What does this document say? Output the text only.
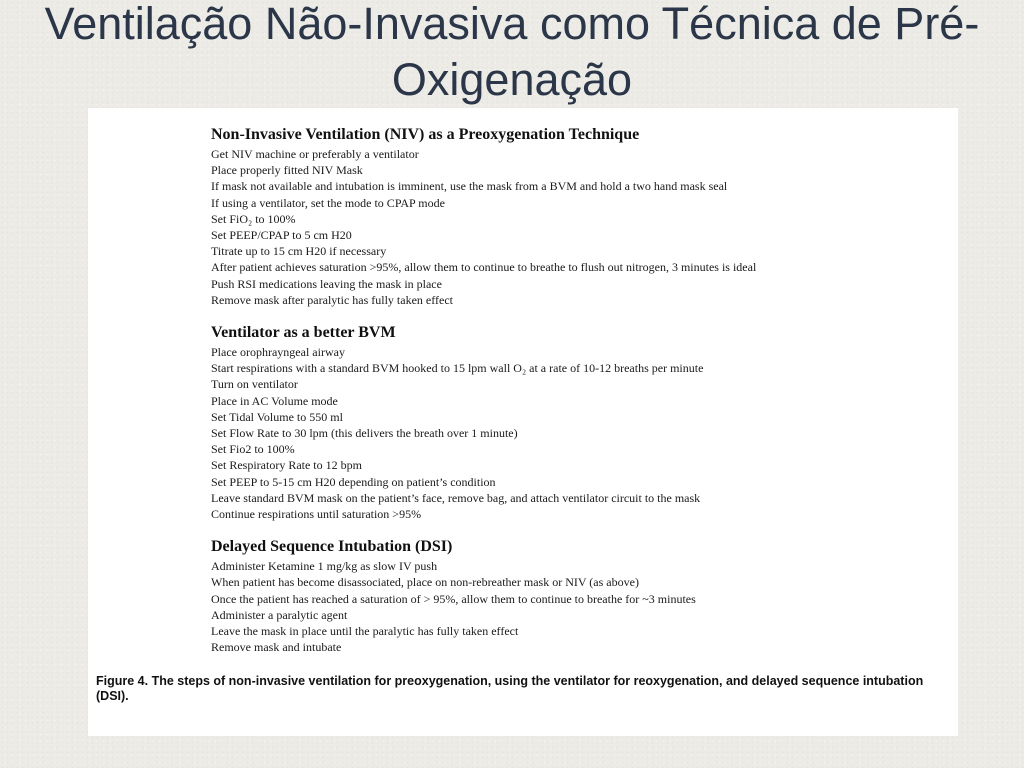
Ventilação Não-Invasiva como Técnica de Pré-Oxigenação
Non-Invasive Ventilation (NIV) as a Preoxygenation Technique
Get NIV machine or preferably a ventilator
Place properly fitted NIV Mask
If mask not available and intubation is imminent, use the mask from a BVM and hold a two hand mask seal
If using a ventilator, set the mode to CPAP mode
Set FiO₂ to 100%
Set PEEP/CPAP to 5 cm H20
Titrate up to 15 cm H20 if necessary
After patient achieves saturation >95%, allow them to continue to breathe to flush out nitrogen, 3 minutes is ideal
Push RSI medications leaving the mask in place
Remove mask after paralytic has fully taken effect
Ventilator as a better BVM
Place orophrayngeal airway
Start respirations with a standard BVM hooked to 15 lpm wall O₂ at a rate of 10-12 breaths per minute
Turn on ventilator
Place in AC Volume mode
Set Tidal Volume to 550 ml
Set Flow Rate to 30 lpm (this delivers the breath over 1 minute)
Set Fio2 to 100%
Set Respiratory Rate to 12 bpm
Set PEEP to 5-15 cm H20 depending on patient’s condition
Leave standard BVM mask on the patient’s face, remove bag, and attach ventilator circuit to the mask
Continue respirations until saturation >95%
Delayed Sequence Intubation (DSI)
Administer Ketamine 1 mg/kg as slow IV push
When patient has become disassociated, place on non-rebreather mask or NIV (as above)
Once the patient has reached a saturation of > 95%, allow them to continue to breathe for ~3 minutes
Administer a paralytic agent
Leave the mask in place until the paralytic has fully taken effect
Remove mask and intubate

Figure 4. The steps of non-invasive ventilation for preoxygenation, using the ventilator for reoxygenation, and delayed sequence intubation (DSI).
